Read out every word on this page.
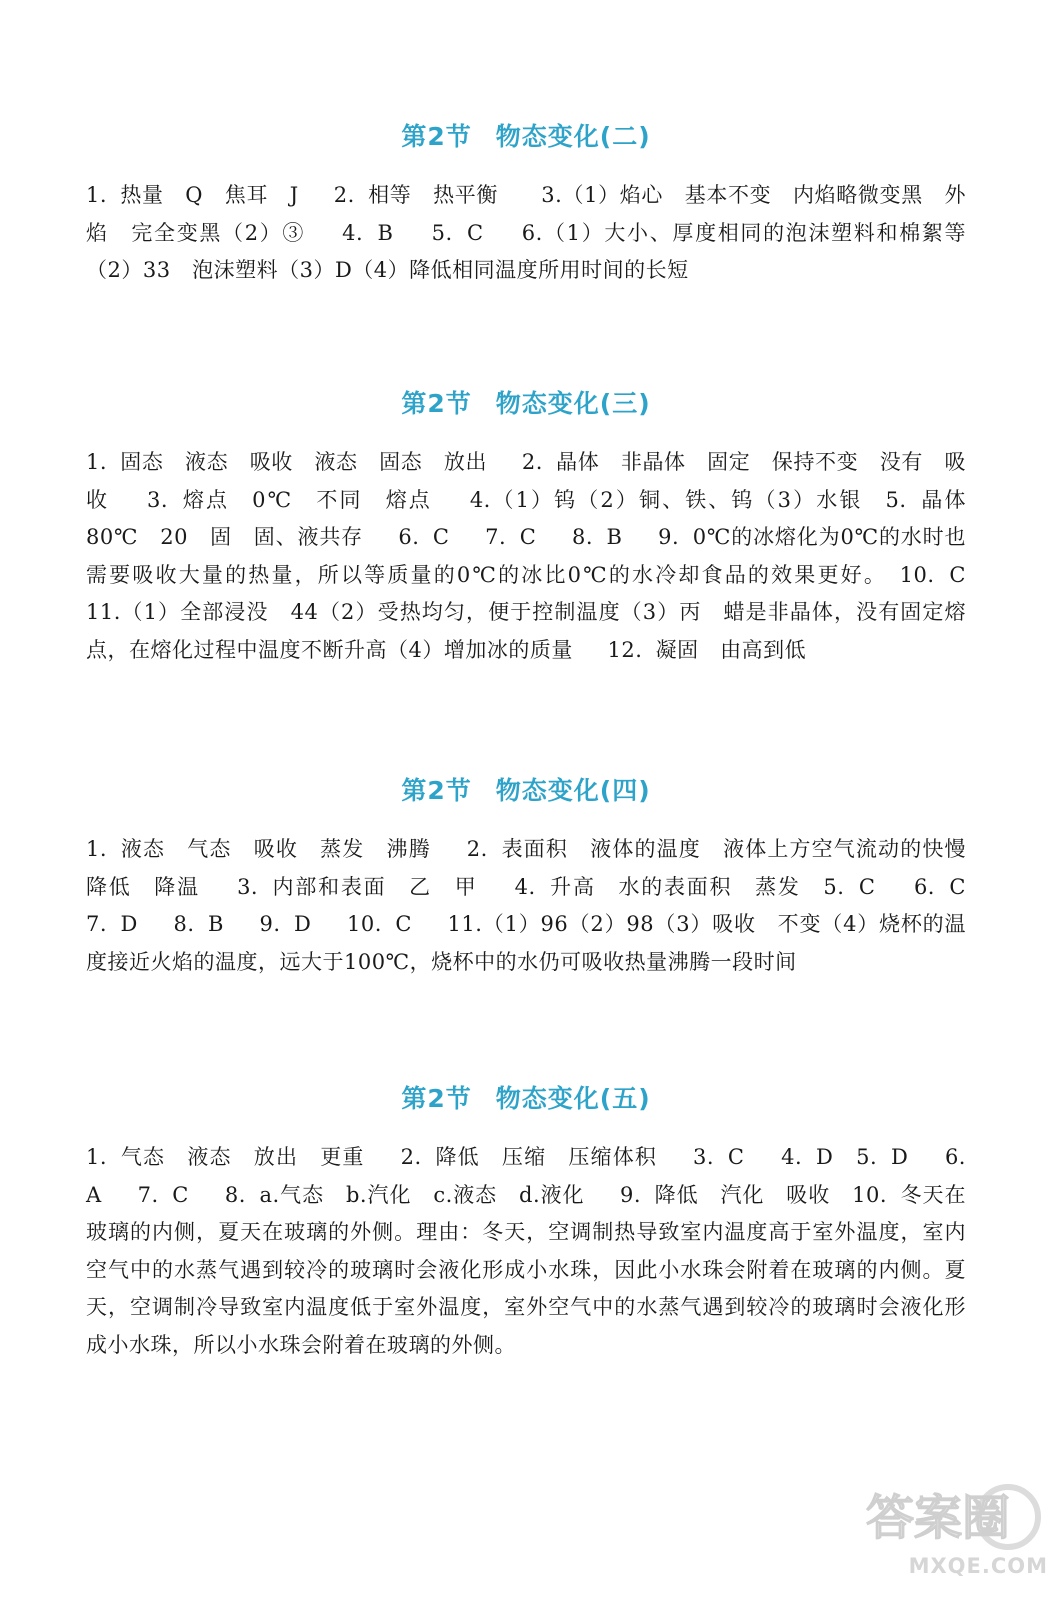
第2节 物态变化(二)
1. 热量　Q　焦耳　J　 2. 相等　热平衡　　3.（1）焰心　基本不变　内焰略微变黑　外焰　完全变黑（2）③　 4. B　 5. C　 6.（1）大小、厚度相同的泡沫塑料和棉絮等（2）33　泡沫塑料（3）D（4）降低相同温度所用时间的长短
第2节 物态变化(三)
1. 固态　液态　吸收　液态　固态　放出　 2. 晶体　非晶体　固定　保持不变　没有　吸收　 3. 熔点　0℃　不同　熔点　 4.（1）钨（2）铜、铁、钨（3）水银　5. 晶体　80℃　20　固　固、液共存　 6. C　 7. C　 8. B　 9. 0℃的冰熔化为0℃的水时也需要吸收大量的热量，所以等质量的0℃的冰比0℃的水冷却食品的效果更好。　10. C　 11.（1）全部浸没　44（2）受热均匀，便于控制温度（3）丙　蜡是非晶体，没有固定熔点，在熔化过程中温度不断升高（4）增加冰的质量　 12. 凝固　由高到低
第2节 物态变化(四)
1. 液态　气态　吸收　蒸发　沸腾　 2. 表面积　液体的温度　液体上方空气流动的快慢　降低　降温　 3. 内部和表面　乙　甲　 4. 升高　水的表面积　蒸发　5. C　 6. C　 7. D　 8. B　 9. D　 10. C　 11.（1）96（2）98（3）吸收　不变（4）烧杯的温度接近火焰的温度，远大于100℃，烧杯中的水仍可吸收热量沸腾一段时间
第2节 物态变化(五)
1. 气态　液态　放出　更重　 2. 降低　压缩　压缩体积　 3. C　 4. D　5. D　 6. A　 7. C　 8. a.气态　b.汽化　c.液态　d.液化　 9. 降低　汽化　吸收　10. 冬天在玻璃的内侧，夏天在玻璃的外侧。理由：冬天，空调制热导致室内温度高于室外温度，室内空气中的水蒸气遇到较冷的玻璃时会液化形成小水珠，因此小水珠会附着在玻璃的内侧。夏天，空调制冷导致室内温度低于室外温度，室外空气中的水蒸气遇到较冷的玻璃时会液化形成小水珠，所以小水珠会附着在玻璃的外侧。
答案圈
MXQE.COM
